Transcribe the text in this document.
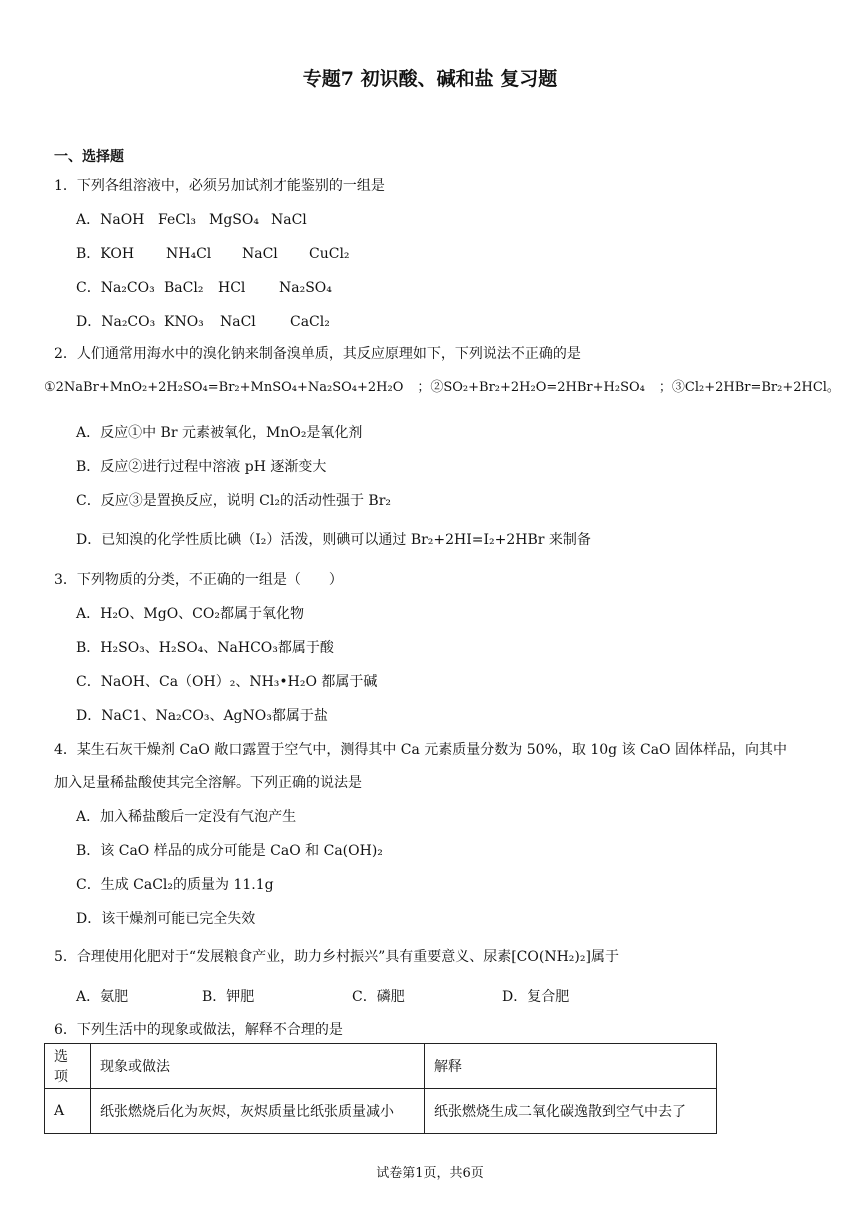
专题7 初识酸、碱和盐 复习题
一、选择题
1．下列各组溶液中，必须另加试剂才能鉴别的一组是
A．NaOH FeCl₃ MgSO₄ NaCl
B．KOH NH₄Cl NaCl CuCl₂
C．Na₂CO₃ BaCl₂ HCl Na₂SO₄
D．Na₂CO₃ KNO₃ NaCl CaCl₂
2．人们通常用海水中的溴化钠来制备溴单质，其反应原理如下，下列说法不正确的是
①2NaBr+MnO₂+2H₂SO₄=Br₂+MnSO₄+Na₂SO₄+2H₂O ；②SO₂+Br₂+2H₂O=2HBr+H₂SO₄ ；③Cl₂+2HBr=Br₂+2HCl。
A．反应①中 Br 元素被氧化，MnO₂是氧化剂
B．反应②进行过程中溶液 pH 逐渐变大
C．反应③是置换反应，说明 Cl₂的活动性强于 Br₂
D．已知溴的化学性质比碘（I₂）活泼，则碘可以通过 Br₂+2HI=I₂+2HBr 来制备
3．下列物质的分类，不正确的一组是（　　）
A．H₂O、MgO、CO₂都属于氧化物
B．H₂SO₃、H₂SO₄、NaHCO₃都属于酸
C．NaOH、Ca（OH）₂、NH₃•H₂O 都属于碱
D．NaC1、Na₂CO₃、AgNO₃都属于盐
4．某生石灰干燥剂 CaO 敞口露置于空气中，测得其中 Ca 元素质量分数为 50%，取 10g 该 CaO 固体样品，向其中
加入足量稀盐酸使其完全溶解。下列正确的说法是
A．加入稀盐酸后一定没有气泡产生
B．该 CaO 样品的成分可能是 CaO 和 Ca(OH)₂
C．生成 CaCl₂的质量为 11.1g
D．该干燥剂可能已完全失效
5．合理使用化肥对于“发展粮食产业，助力乡村振兴”具有重要意义、尿素[CO(NH₂)₂]属于
A．氨肥	B．钾肥	C．磷肥	D．复合肥
6．下列生活中的现象或做法，解释不合理的是
选项	现象或做法	解释
A	纸张燃烧后化为灰烬，灰烬质量比纸张质量减小	纸张燃烧生成二氧化碳逸散到空气中去了
试卷第1页，共6页
